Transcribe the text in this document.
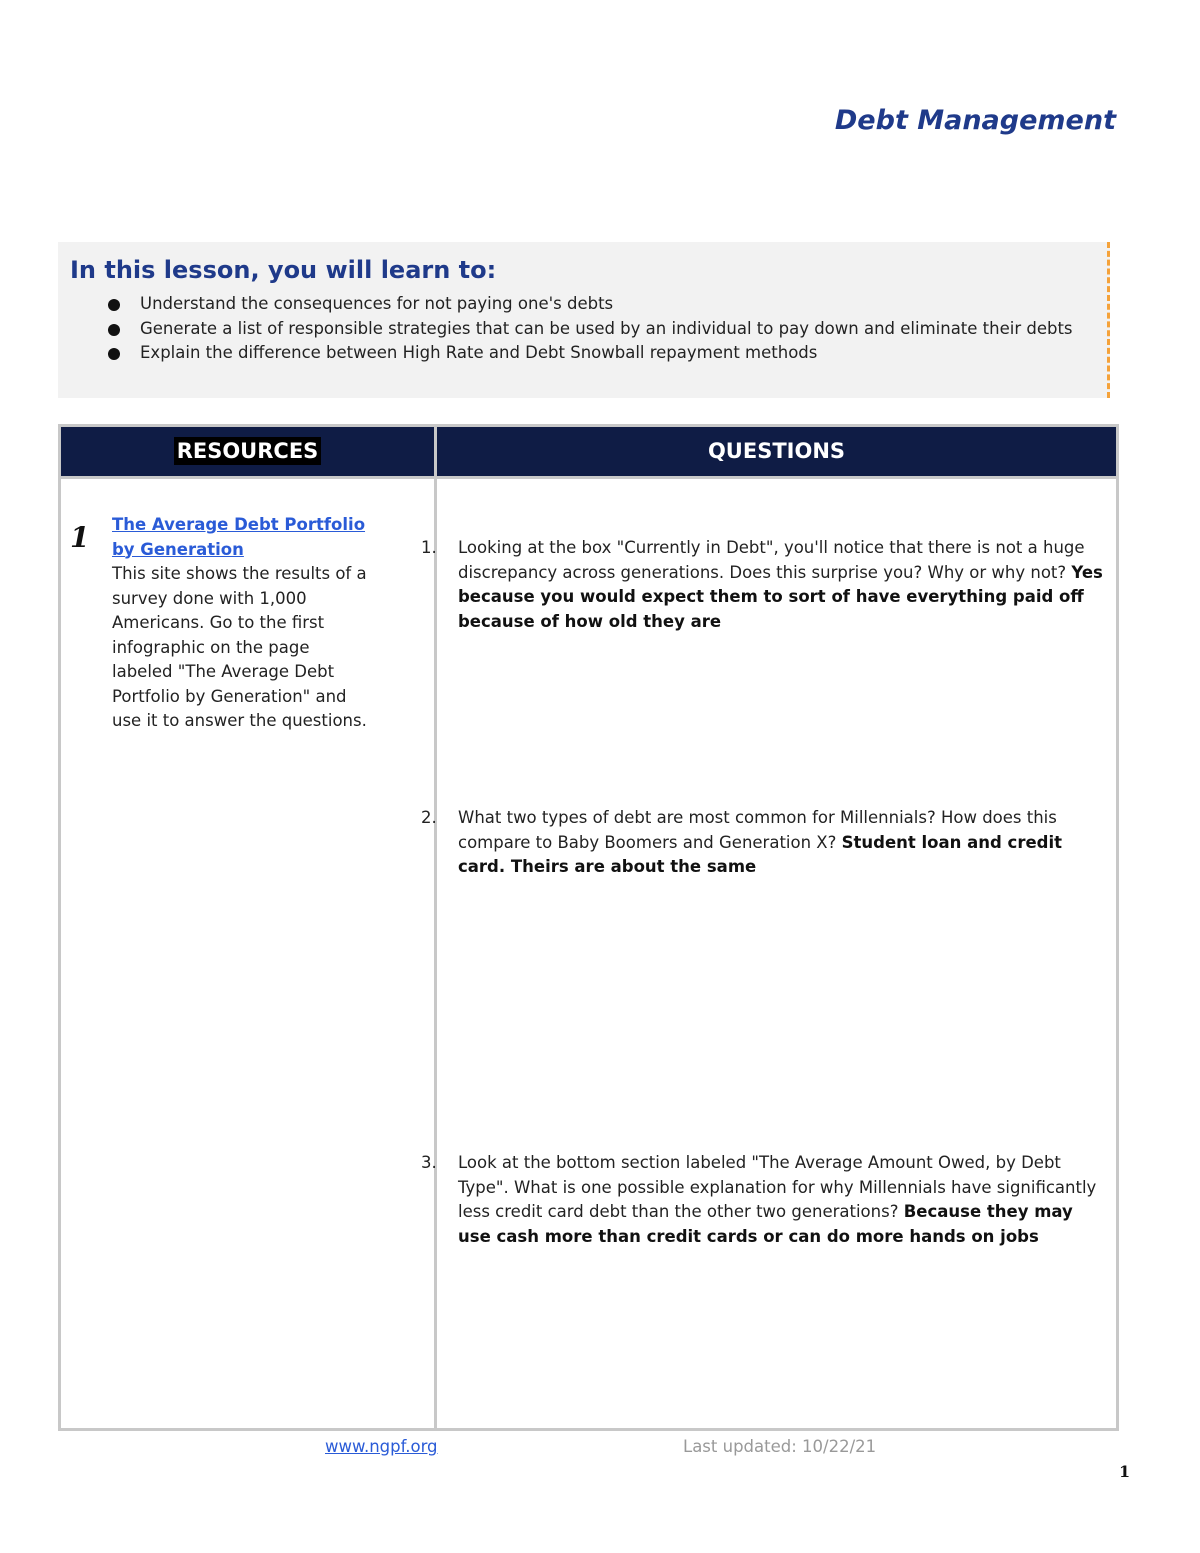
Debt Management
In this lesson, you will learn to:
Understand the consequences for not paying one's debts
Generate a list of responsible strategies that can be used by an individual to pay down and eliminate their debts
Explain the difference between High Rate and Debt Snowball repayment methods
RESOURCES	QUESTIONS
1 The Average Debt Portfolio by Generation
This site shows the results of a survey done with 1,000 Americans. Go to the first infographic on the page labeled "The Average Debt Portfolio by Generation" and use it to answer the questions.
1.	Looking at the box "Currently in Debt", you'll notice that there is not a huge discrepancy across generations. Does this surprise you? Why or why not? Yes because you would expect them to sort of have everything paid off because of how old they are
2.	What two types of debt are most common for Millennials? How does this compare to Baby Boomers and Generation X? Student loan and credit card. Theirs are about the same
3.	Look at the bottom section labeled "The Average Amount Owed, by Debt Type". What is one possible explanation for why Millennials have significantly less credit card debt than the other two generations? Because they may use cash more than credit cards or can do more hands on jobs
www.ngpf.org	Last updated: 10/22/21
1
